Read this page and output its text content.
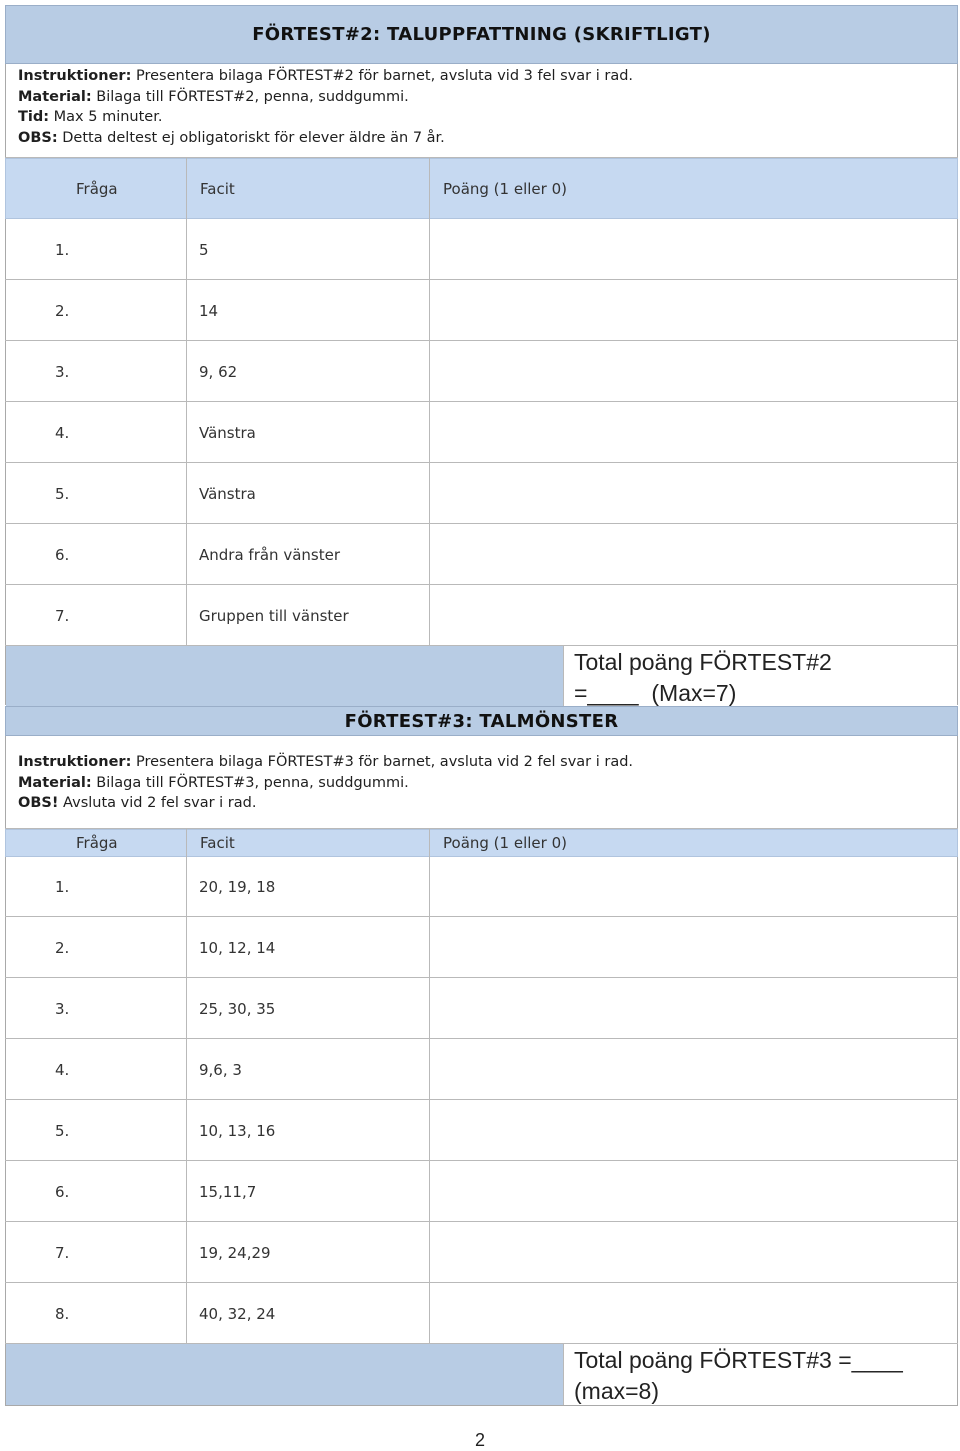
FÖRTEST#2: TALUPPFATTNING (SKRIFTLIGT)
Instruktioner: Presentera bilaga FÖRTEST#2 för barnet, avsluta vid 3 fel svar i rad.
Material: Bilaga till FÖRTEST#2, penna, suddgummi.
Tid: Max 5 minuter.
OBS: Detta deltest ej obligatoriskt för elever äldre än 7 år.
Fråga	Facit	Poäng (1 eller 0)
1.	5
2.	14
3.	9, 62
4.	Vänstra
5.	Vänstra
6.	Andra från vänster
7.	Gruppen till vänster
Total poäng FÖRTEST#2
=____  (Max=7)
FÖRTEST#3: TALMÖNSTER
Instruktioner: Presentera bilaga FÖRTEST#3 för barnet, avsluta vid 2 fel svar i rad.
Material: Bilaga till FÖRTEST#3, penna, suddgummi.
OBS! Avsluta vid 2 fel svar i rad.
Fråga	Facit	Poäng (1 eller 0)
1.	20, 19, 18
2.	10, 12, 14
3.	25, 30, 35
4.	9,6, 3
5.	10, 13, 16
6.	15,11,7
7.	19, 24,29
8.	40, 32, 24
Total poäng FÖRTEST#3 =____
(max=8)
2
